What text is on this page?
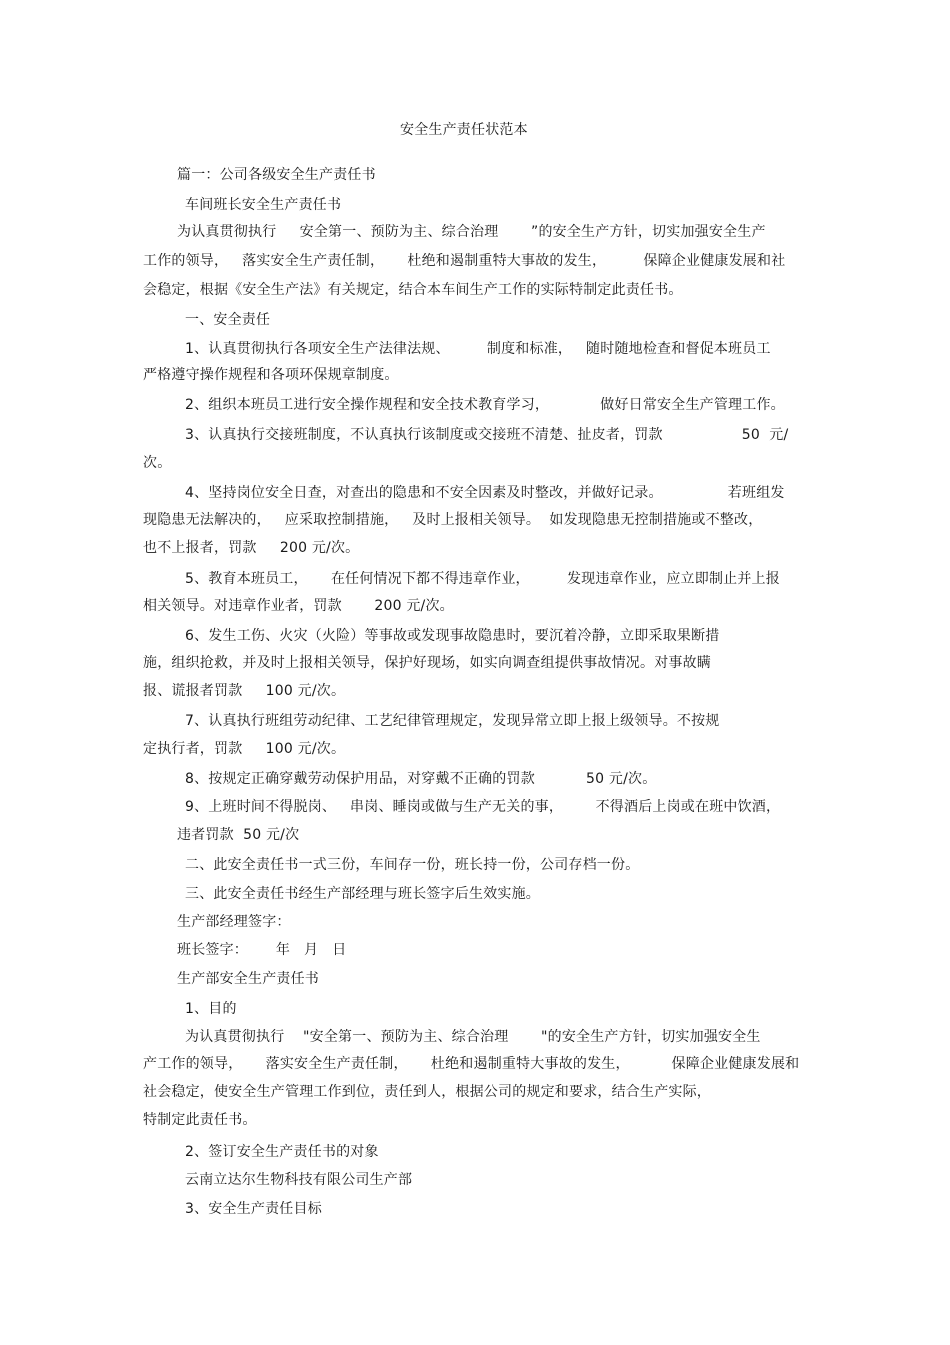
安全生产责任状范本
篇一：公司各级安全生产责任书
车间班长安全生产责任书
为认真贯彻执行     安全第一、预防为主、综合治理       ”的安全生产方针，切实加强安全生产
工作的领导，   落实安全生产责任制，     杜绝和遏制重特大事故的发生，        保障企业健康发展和社
会稳定，根据《安全生产法》有关规定，结合本车间生产工作的实际特制定此责任书。
一、安全责任
1、认真贯彻执行各项安全生产法律法规、        制度和标准，   随时随地检查和督促本班员工
严格遵守操作规程和各项环保规章制度。
2、组织本班员工进行安全操作规程和安全技术教育学习，           做好日常安全生产管理工作。
3、认真执行交接班制度，不认真执行该制度或交接班不清楚、扯皮者，罚款                 50  元/
次。
4、坚持岗位安全日查，对查出的隐患和不安全因素及时整改，并做好记录。              若班组发
现隐患无法解决的，   应采取控制措施，   及时上报相关领导。  如发现隐患无控制措施或不整改，
也不上报者，罚款     200 元/次。
5、教育本班员工，     在任何情况下都不得违章作业，        发现违章作业，应立即制止并上报
相关领导。对违章作业者，罚款       200 元/次。
6、发生工伤、火灾（火险）等事故或发现事故隐患时，要沉着冷静，立即采取果断措
施，组织抢救，并及时上报相关领导，保护好现场，如实向调查组提供事故情况。对事故瞒
报、谎报者罚款     100 元/次。
7、认真执行班组劳动纪律、工艺纪律管理规定，发现异常立即上报上级领导。不按规
定执行者，罚款     100 元/次。
8、按规定正确穿戴劳动保护用品，对穿戴不正确的罚款           50 元/次。
9、上班时间不得脱岗、   串岗、睡岗或做与生产无关的事，       不得酒后上岗或在班中饮酒，
违者罚款  50 元/次
二、此安全责任书一式三份，车间存一份，班长持一份，公司存档一份。
三、此安全责任书经生产部经理与班长签字后生效实施。
生产部经理签字：
班长签字：      年   月   日
生产部安全生产责任书
1、目的
为认真贯彻执行    "安全第一、预防为主、综合治理       "的安全生产方针，切实加强安全生
产工作的领导，     落实安全生产责任制，     杜绝和遏制重特大事故的发生，         保障企业健康发展和
社会稳定，使安全生产管理工作到位，责任到人，根据公司的规定和要求，结合生产实际，
特制定此责任书。
2、签订安全生产责任书的对象
云南立达尔生物科技有限公司生产部
3、安全生产责任目标
